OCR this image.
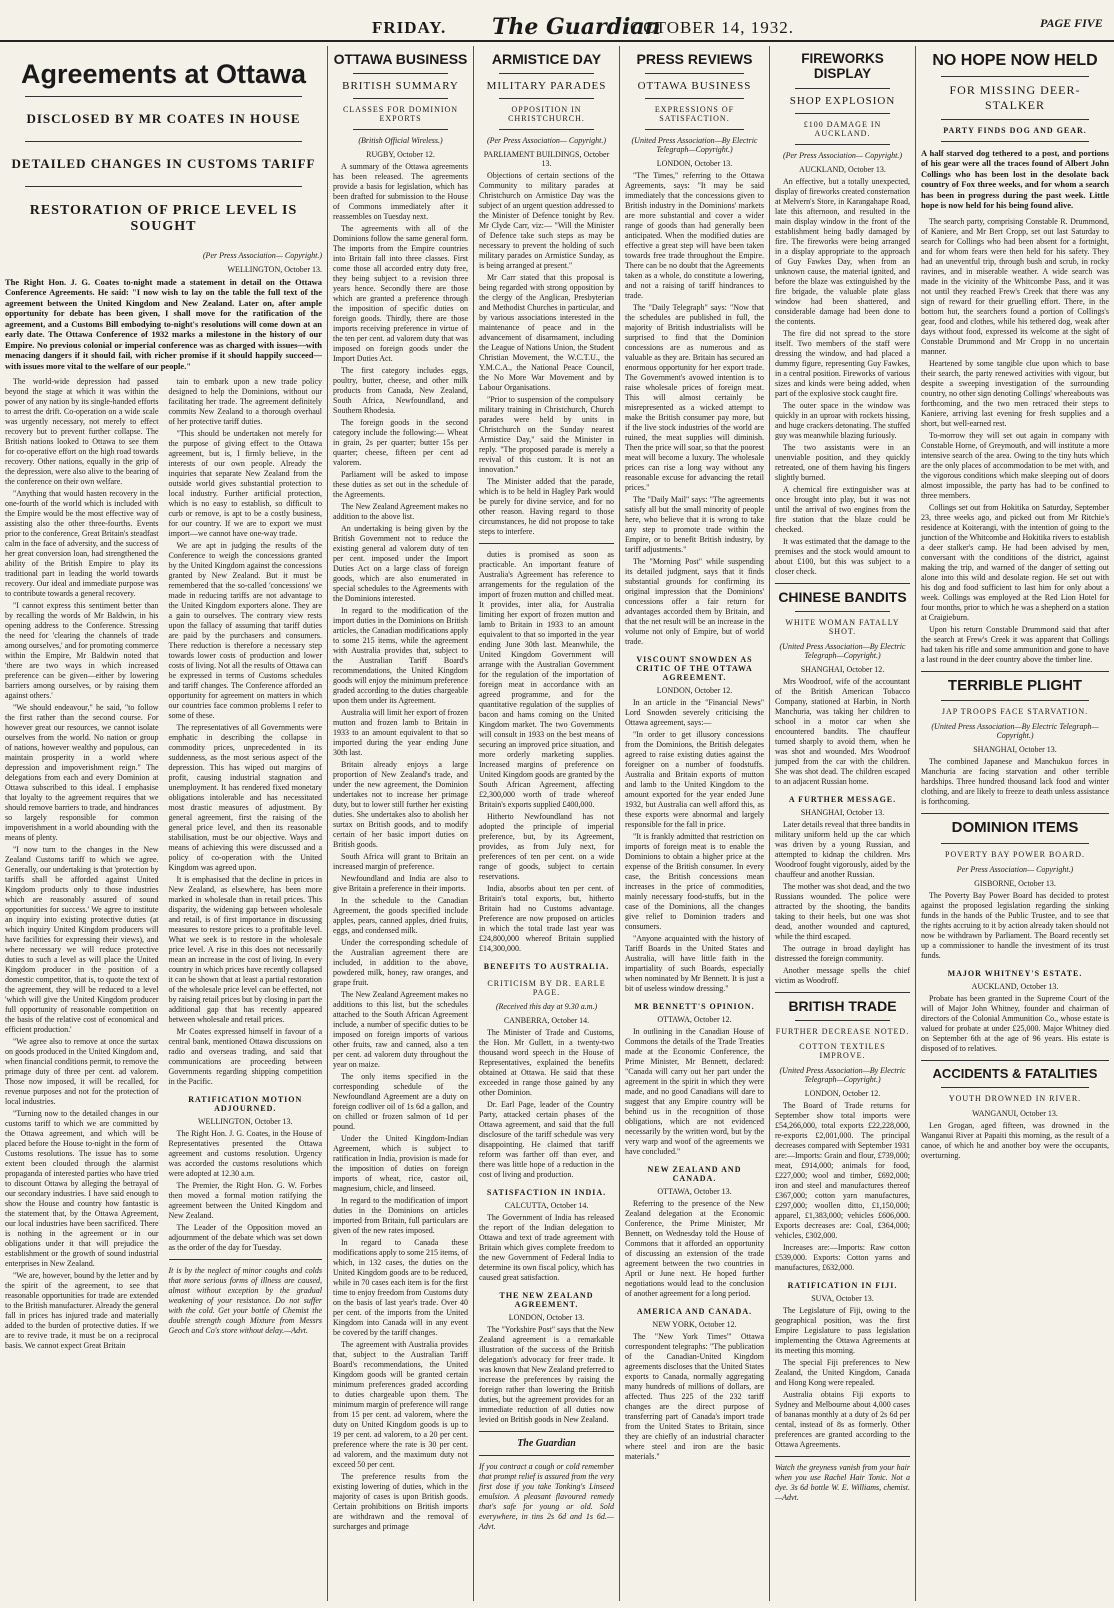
FRIDAY. The Guardian
OCTOBER 14, 1932.	PAGE FIVE
Agreements at Ottawa
DISCLOSED BY MR COATES IN HOUSE
DETAILED CHANGES IN CUSTOMS TARIFF
RESTORATION OF PRICE LEVEL IS SOUGHT
(Per Press Association— Copyright.)
WELLINGTON, October 13.
The Right Hon. J. G. Coates to-night made a statement in detail on the Ottawa Conference Agreements. He said: "I now wish to lay on the table the full text of the agreement between the United Kingdom and New Zealand. Later on, after ample opportunity for debate has been given, I shall move for the ratification of the agreement, and a Customs Bill embodying to-night's resolutions will come down at an early date. The Ottawa Conference of 1932 marks a milestone in the history of our Empire. No previous colonial or imperial conference was as charged with issues—with menacing dangers if it should fail, with richer promise if it should happily succeed—with issues more vital to the welfare of our people."

The world-wide depression had passed beyond the stage at which it was within the power of any nation by its single-handed efforts to arrest the drift. Co-operation on a wide scale was urgently necessary, not merely to effect recovery but to prevent further collapse. The British nations looked to Ottawa to see them for co-operative effort on the high road towards recovery. Other nations, equally in the grip of the depression, were also alive to the bearing of the conference on their own welfare.

"Anything that would hasten recovery in the one-fourth of the world which is included with the Empire would be the most effective way of assisting also the other three-fourths. Events prior to the conference, Great Britain's steadfast calm in the face of adversity, and the success of her great conversion loan, had strengthened the ability of the British Empire to play its traditional part in leading the world towards recovery. Our ideal and immediate purpose was to contribute towards a general recovery.

"I cannot express this sentiment better than by recalling the words of Mr Baldwin, in his opening address to the Conference. Stressing the need for 'clearing the channels of trade among ourselves,' and for promoting commerce within the Empire, Mr Baldwin noted that 'there are two ways in which increased preference can be given—either by lowering barriers among ourselves, or by raising them against others.'

"We should endeavour," he said, "to follow the first rather than the second course. For however great our resources, we cannot isolate ourselves from the world. No nation or group of nations, however wealthy and populous, can maintain prosperity in a world where depression and impoverishment reign." The delegations from each and every Dominion at Ottawa subscribed to this ideal. I emphasise that loyalty to the agreement requires that we should remove barriers to trade, and hindrances so largely responsible for common impoverishment in a world abounding with the means of plenty.

"I now turn to the changes in the New Zealand Customs tariff to which we agree. Generally, our undertaking is that 'protection by tariffs shall be afforded against United Kingdom products only to those industries which are reasonably assured of sound opportunities for success.' We agree to institute an inquiry into existing protective duties (at which inquiry United Kingdom producers will have facilities for expressing their views), and where necessary we will reduce protective duties to such a level as will place the United Kingdom producer in the position of a domestic competitor, that is, to quote the text of the agreement, they will be reduced to a level 'which will give the United Kingdom producer full opportunity of reasonable competition on the basis of the relative cost of economical and efficient production.'

"We agree also to remove at once the surtax on goods produced in the United Kingdom and, when financial conditions permit, to remove the primage duty of three per cent. ad valorem. Those now imposed, it will be recalled, for revenue purposes and not for the protection of local industries.

"Turning now to the detailed changes in our customs tariff to which we are committed by the Ottawa agreement, and which will be placed before the House to-night in the form of Customs resolutions. The issue has to some extent been clouded through the alarmist propaganda of interested parties who have tried to discount Ottawa by alleging the betrayal of our secondary industries. I have said enough to show the House and country how fantastic is the statement that, by the Ottawa Agreement, our local industries have been sacrificed. There is nothing in the agreement or in our obligations under it that will prejudice the establishment or the growth of sound industrial enterprises in New Zealand.

"We are, however, bound by the letter and by the spirit of the agreement, to see that reasonable opportunities for trade are extended to the British manufacturer. Already the general fall in prices has injured trade and materially added to the burden of protective duties. If we are to revive trade, it must be on a reciprocal basis. We cannot expect Great Britain

tain to embark upon a new trade policy designed to help the Dominions, without our facilitating her trade. The agreement definitely commits New Zealand to a thorough overhaul of her protective tariff duties.

"This should be undertaken not merely for the purpose of giving effect to the Ottawa agreement, but is, I firmly believe, in the interests of our own people. Already the inquiries that separate New Zealand from the outside world gives substantial protection to local industry. Further artificial protection, which is no easy to establish, so difficult to curb or remove, is apt to be a costly business, for our country. If we are to export we must import—we cannot have one-way trade.

We are apt in judging the results of the Conference to weigh the concessions granted by the United Kingdom against the concessions granted by New Zealand. But it must be remembered that the so-called 'concessions' we made in reducing tariffs are not advantage to the United Kingdom exporters alone. They are a gain to ourselves. The contrary view rests upon the fallacy of assuming that tariff duties are paid by the purchasers and consumers. There reduction is therefore a necessary step towards lower costs of production and lower costs of living. Not all the results of Ottawa can be expressed in terms of Customs schedules and tariff changes. The Conference afforded an opportunity for agreement on matters in which our countries face common problems I refer to some of these.

The representatives of all Governments were emphatic in describing the collapse in commodity prices, unprecedented in its suddenness, as the most serious aspect of the depression. This has wiped out margins of profit, causing industrial stagnation and unemployment. It has rendered fixed monetary obligations intolerable and has necessitated most drastic measures of adjustment. By general agreement, first the raising of the general price level, and then its reasonable stabilisation, must be our objective. Ways and means of achieving this were discussed and a policy of co-operation with the United Kingdom was agreed upon.

It is emphasised that the decline in prices in New Zealand, as elsewhere, has been more marked in wholesale than in retail prices. This disparity, the widening gap between wholesale and retail, is of first importance in discussing measures to restore prices to a profitable level. What we seek is to restore in the wholesale price level. A rise in this does not necessarily mean an increase in the cost of living. In every country in which prices have recently collapsed it can be shown that at least a partial restoration of the wholesale price level can be effected, not by raising retail prices but by closing in part the additional gap that has recently appeared between wholesale and retail prices.

Mr Coates expressed himself in favour of a central bank, mentioned Ottawa discussions on radio and overseas trading, and said that communications are proceeding between Governments regarding shipping competition in the Pacific.

RATIFICATION MOTION ADJOURNED.
WELLINGTON, October 13.

The Right Hon. J. G. Coates, in the House of Representatives presented the Ottawa agreement and customs resolution. Urgency was accorded the customs resolutions which were adopted at 12.30 a.m.

The Premier, the Right Hon. G. W. Forbes then moved a formal motion ratifying the agreement between the United Kingdom and New Zealand.

The Leader of the Opposition moved an adjournment of the debate which was set down as the order of the day for Tuesday.

It is by the neglect of minor coughs and colds that more serious forms of illness are caused, almost without exception by the gradual weakening of your resistance. Do not suffer with the cold. Get your bottle of Chemist the double strength cough Mixture from Messrs Geoch and Co's store without delay.—Advt.

OTTAWA BUSINESS
BRITISH SUMMARY
CLASSES FOR DOMINION EXPORTS
(British Official Wireless.)
RUGBY, October 12.

A summary of the Ottawa agreements has been released. The agreements provide a basis for legislation, which has been drafted for submission to the House of Commons immediately after it reassembles on Tuesday next.

The agreements with all of the Dominions follow the same general form. The imports from the Empire countries into Britain fall into three classes. First come those all accorded entry duty free, they being subject to a revision three years hence. Secondly there are those which are granted a preference through the imposition of specific duties on foreign goods. Thirdly, there are those imports receiving preference in virtue of the ten per cent. ad valorem duty that was imposed on foreign goods under the Import Duties Act.

The first category includes eggs, poultry, butter, cheese, and other milk products from Canada, New Zealand, South Africa, Newfoundland, and Southern Rhodesia.

The foreign goods in the second category include the following:— Wheat in grain, 2s per quarter; butter 15s per quarter; cheese, fifteen per cent ad valorem.

Parliament will be asked to impose these duties as set out in the schedule of the Agreements.

The New Zealand Agreement makes no addition to the above list.

An undertaking is being given by the British Government not to reduce the existing general ad valorem duty of ten per cent. imposed under the Import Duties Act on a large class of foreign goods, which are also enumerated in special schedules to the Agreements with the Dominions interested.

In regard to the modification of the import duties in the Dominions on British articles, the Canadian modifications apply to some 215 items, while the agreement with Australia provides that, subject to the Australian Tariff Board's recommendations, the United Kingdom goods will enjoy the minimum preference graded according to the duties chargeable upon them under its Agreement.

Australia will limit her export of frozen mutton and frozen lamb to Britain in 1933 to an amount equivalent to that so imported during the year ending June 30th last.

Britain already enjoys a large proportion of New Zealand's trade, and under the new agreement, the Dominion undertakes not to increase her primage duty, but to lower still further her existing duties. She undertakes also to abolish her surtax on British goods, and to modify certain of her basic import duties on British goods.

South Africa will grant to Britain an increased margin of preference.

Newfoundland and India are also to give Britain a preference in their imports.

In the schedule to the Canadian Agreement, the goods specified include apples, pears, canned apples, dried fruits, eggs, and condensed milk.

Under the corresponding schedule of the Australian agreement there are included, in addition to the above, powdered milk, honey, raw oranges, and grape fruit.

The New Zealand Agreement makes no additions to this list, but the schedules attached to the South African Agreement include, a number of specific duties to be imposed on foreign imports of various other fruits, raw and canned, also a ten per cent. ad valorem duty throughout the year on maize.

The only items specified in the corresponding schedule of the Newfoundland Agreement are a duty on foreign codliver oil of 1s 6d a gallon, and on chilled or frozen salmon of 1d per pound.

Under the United Kingdom-Indian Agreement, which is subject to ratification in India, provision is made for the imposition of duties on foreign imports of wheat, rice, castor oil, magnesium, chicle, and linseed.

In regard to the modification of import duties in the Dominions on articles imported from Britain, full particulars are given of the new rates imposed.

In regard to Canada these modifications apply to some 215 items, of which, in 132 cases, the duties on the United Kingdom goods are to be reduced, while in 70 cases each item is for the first time to enjoy freedom from Customs duty on the basis of last year's trade. Over 40 per cent. of the imports from the United Kingdom into Canada will in any event be covered by the tariff changes.

The agreement with Australia provides that, subject to the Australian Tariff Board's recommendations, the United Kingdom goods will be granted certain minimum preferences graded according to duties chargeable upon them. The minimum margin of preference will range from 15 per cent. ad valorem, where the duty on United Kingdom goods is up to 19 per cent. ad valorem, to a 20 per cent. preference where the rate is 30 per cent. ad valorem, and the maximum duty not exceed 50 per cent.

The preference results from the existing lowering of duties, which in the majority of cases is upon British goods. Certain prohibitions on British imports are withdrawn and the removal of surcharges and primage

ARMISTICE DAY
MILITARY PARADES
OPPOSITION IN CHRISTCHURCH.
(Per Press Association— Copyright.)
PARLIAMENT BUILDINGS, October 13.

Objections of certain sections of the Community to military parades at Christchurch on Armistice Day was the subject of an urgent question addressed to the Minister of Defence tonight by Rev. Mr Clyde Carr, viz:— "Will the Minister of Defence take such steps as may be necessary to prevent the holding of such military parades on Armistice Sunday, as is being arranged at present."

Mr Carr stated that this proposal is being regarded with strong opposition by the clergy of the Anglican, Presbyterian and Methodist Churches in particular, and by various associations interested in the maintenance of peace and in the advancement of disarmament, including the League of Nations Union, the Student Christian Movement, the W.C.T.U., the Y.M.C.A., the National Peace Council, the No More War Movement and by Labour Organisations.

"Prior to suspension of the compulsory military training in Christchurch, Church parades were held by units in Christchurch on the Sunday nearest Armistice Day," said the Minister in reply. "The proposed parade is merely a revival of this custom. It is not an innovation."

The Minister added that the parade, which is to be held in Hagley Park would be purely for divine service, and for no other reason. Having regard to those circumstances, he did not propose to take steps to interfere.

duties is promised as soon as practicable. An important feature of Australia's Agreement has reference to arrangements for the regulation of the import of frozen mutton and chilled meat. It provides, inter alia, for Australia limiting her export of frozen mutton and lamb to Britain in 1933 to an amount equivalent to that so imported in the year ending June 30th last. Meanwhile, the United Kingdom Government will arrange with the Australian Government for the regulation of the importation of foreign meat in accordance with an agreed programme, and for the quantitative regulation of the supplies of bacon and hams coming on the United Kingdom market. The two Governments will consult in 1933 on the best means of securing an improved price situation, and more orderly marketing supplies. Increased margins of preference on United Kingdom goods are granted by the South African Agreement, affecting £2,300,000 worth of trade whereof Britain's exports supplied £400,000.

Hitherto Newfoundland has not adopted the principle of imperial preference, but, by its Agreement, provides, as from July next, for preferences of ten per cent. on a wide range of goods, subject to certain reservations.

India, absorbs about ten per cent. of Britain's total exports, but, hitherto Britain had no Customs advantage. Preference are now proposed on articles in which the total trade last year was £24,800,000 whereof Britain supplied £14,300,000.

BENEFITS TO AUSTRALIA.
CRITICISM BY DR. EARLE PAGE.
(Received this day at 9.30 a.m.)
CANBERRA, October 14.

The Minister of Trade and Customs, the Hon. Mr Gullett, in a twenty-two thousand word speech in the House of Representatives, explained the benefits obtained at Ottawa. He said that these exceeded in range those gained by any other Dominion.

Dr. Earl Page, leader of the Country Party, attacked certain phases of the Ottawa agreement, and said that the full disclosure of the tariff schedule was very disappointing. He claimed that tariff reform was farther off than ever, and there was little hope of a reduction in the cost of living and production.

SATISFACTION IN INDIA.
CALCUTTA, October 14.

The Government of India has released the report of the Indian delegation to Ottawa and text of trade agreement with Britain which gives complete freedom to the new Government of Federal India to determine its own fiscal policy, which has caused great satisfaction.

THE NEW ZEALAND AGREEMENT.
LONDON, October 13.

The "Yorkshire Post" says that the New Zealand agreement is a remarkable illustration of the success of the British delegation's advocacy for freer trade. It was known that New Zealand preferred to increase the preferences by raising the foreign rather than lowering the British duties, but the agreement provides for an immediate reduction of all duties now levied on British goods in New Zealand.

The Guardian

If you contract a cough or cold remember that prompt relief is assured from the very first dose if you take Tonking's Linseed emulsion. A pleasant flavoured remedy that's safe for young or old. Sold everywhere, in tins 2s 6d and 1s 6d.—Advt.

PRESS REVIEWS
OTTAWA BUSINESS
EXPRESSIONS OF SATISFACTION.
(United Press Association—By Electric Telegraph—Copyright.)
LONDON, October 13.

"The Times," referring to the Ottawa Agreements, says: "It may be said immediately that the concessions given to British industry in the Dominions' markets are more substantial and cover a wider range of goods than had generally been anticipated. When the modified duties are effective a great step will have been taken towards free trade throughout the Empire. There can be no doubt that the Agreements taken as a whole, do constitute a lowering, and not a raising of tariff hindrances to trade.

The "Daily Telegraph" says: "Now that the schedules are published in full, the majority of British industrialists will be surprised to find that the Dominion concessions are as numerous and as valuable as they are. Britain has secured an enormous opportunity for her export trade. The Government's avowed intention is to raise wholesale prices of foreign meat. This will almost certainly be misrepresented as a wicked attempt to make the British consumer pay more, but if the live stock industries of the world are ruined, the meat supplies will diminish. Then the price will soar, so that the poorest meat will become a luxury. The wholesale prices can rise a long way without any reasonable excuse for advancing the retail prices."

The "Daily Mail" says: "The agreements satisfy all but the small minority of people here, who believe that it is wrong to take any step to promote trade within the Empire, or to benefit British industry, by tariff adjustments."

The "Morning Post" while suspending its detailed judgment, says that it finds substantial grounds for confirming its original impression that the Dominions' concessions offer a fair return for advantages accorded them by Britain, and that the net result will be an increase in the volume not only of Empire, but of world trade.

VISCOUNT SNOWDEN AS CRITIC OF THE OTTAWA AGREEMENT.
LONDON, October 12.

In an article in the "Financial News" Lord Snowden severely criticising the Ottawa agreement, says:—

"In order to get illusory concessions from the Dominions, the British delegates agreed to raise existing duties against the foreigner on a number of foodstuffs. Australia and Britain exports of mutton and lamb to the United Kingdom to the amount exported for the year ended June 1932, but Australia can well afford this, as these exports were abnormal and largely responsible for the fall in price.

"It is frankly admitted that restriction on imports of foreign meat is to enable the Dominions to obtain a higher price at the expense of the British consumer. In every case, the British concessions mean increases in the price of commodities, mainly necessary food-stuffs, but in the case of the Dominions, all the changes give relief to Dominion traders and consumers.

"Anyone acquainted with the history of Tariff Boards in the United States and Australia, will have little faith in the impartiality of such Boards, especially when nominated by Mr Bennett. It is just a bit of useless window dressing."

MR BENNETT'S OPINION.
OTTAWA, October 12.

In outlining in the Canadian House of Commons the details of the Trade Treaties made at the Economic Conference, the Prime Minister, Mr Bennett, declared: "Canada will carry out her part under the agreement in the spirit in which they were made, and no good Canadians will dare to suggest that any Empire country will be behind us in the recognition of those obligations, which are not evidenced necessarily by the written word, but by the very warp and woof of the agreements we have concluded."

NEW ZEALAND AND CANADA.
OTTAWA, October 13.

Referring to the presence of the New Zealand delegation at the Economic Conference, the Prime Minister, Mr Bennett, on Wednesday told the House of Commons that it afforded an opportunity of discussing an extension of the trade agreement between the two countries in April or June next. He hoped further negotiations would lead to the conclusion of another agreement for a long period.

AMERICA AND CANADA.
NEW YORK, October 12.

The "New York Times'" Ottawa correspondent telegraphs: "The publication of the Canadian-United Kingdom agreements discloses that the United States exports to Canada, normally aggregating many hundreds of millions of dollars, are affected. Thus 225 of the 232 tariff changes are the direct purpose of transferring part of Canada's import trade from the United States to Britain, since they are chiefly of an industrial character where steel and iron are the basic materials."

FIREWORKS DISPLAY
SHOP EXPLOSION
£100 DAMAGE IN AUCKLAND.
(Per Press Association— Copyright.)
AUCKLAND, October 13.

An effective, but a totally unexpected, display of fireworks created consternation at Melvern's Store, in Karangahape Road, late this afternoon, and resulted in the main display window in the front of the establishment being badly damaged by fire. The fireworks were being arranged in a display appropriate to the approach of Guy Fawkes Day, when from an unknown cause, the material ignited, and before the blaze was extinguished by the fire brigade, the valuable plate glass window had been shattered, and considerable damage had been done to the contents.

The fire did not spread to the store itself. Two members of the staff were dressing the window, and had placed a dummy figure, representing Guy Fawkes, in a central position. Fireworks of various sizes and kinds were being added, when part of the explosive stock caught fire.

The outer space in the window was quickly in an uproar with rockets hissing, and huge crackers detonating. The stuffed guy was meanwhile blazing furiously.

The two assistants were in an unenviable position, and they quickly retreated, one of them having his fingers slightly burned.

A chemical fire extinguisher was at once brought into play, but it was not until the arrival of two engines from the fire station that the blaze could be checked.

It was estimated that the damage to the premises and the stock would amount to about £100, but this was subject to a closer check.

CHINESE BANDITS
WHITE WOMAN FATALLY SHOT.
(United Press Association—By Electric Telegraph—Copyright.)
SHANGHAI, October 12.

Mrs Woodroof, wife of the accountant of the British American Tobacco Company, stationed at Harbin, in North Manchuria, was taking her children to school in a motor car when she encountered bandits. The chauffeur turned sharply to avoid them, when he was shot and wounded. Mrs Woodroof jumped from the car with the children. She was shot dead. The children escaped to an adjacent Russian home.

A FURTHER MESSAGE.
SHANGHAI, October 13.

Later details reveal that three bandits in military uniform held up the car which was driven by a young Russian, and attempted to kidnap the children. Mrs Woodroof fought vigorously, aided by the chauffeur and another Russian.

The mother was shot dead, and the two Russians wounded. The police were attracted by the shooting, the bandits taking to their heels, but one was shot dead, another wounded and captured, while the third escaped.

The outrage in broad daylight has distressed the foreign community.

Another message spells the chief victim as Woodroff.

BRITISH TRADE
FURTHER DECREASE NOTED.
COTTON TEXTILES IMPROVE.
(United Press Association—By Electric Telegraph—Copyright.)
LONDON, October 12.

The Board of Trade returns for September show total imports were £54,266,000, total exports £22,228,000, re-exports £2,001,000. The principal decreases compared with September 1931 are:—Imports: Grain and flour, £739,000; meat, £914,000; animals for food, £227,000; wool and timber, £692,000; iron and steel and manufactures thereof £367,000; cotton yarn manufactures, £297,000; woollen ditto, £1,150,000; apparel, £1,383,000; vehicles £606,000. Exports decreases are: Coal, £364,000; vehicles, £302,000.

Increases are:—Imports: Raw cotton £539,000. Exports: Cotton yarns and manufactures, £632,000.

RATIFICATION IN FIJI.
SUVA, October 13.

The Legislature of Fiji, owing to the geographical position, was the first Empire Legislature to pass legislation implementing the Ottawa Agreements at its meeting this morning.

The special Fiji preferences to New Zealand, the United Kingdom, Canada and Hong Kong were repealed.

Australia obtains Fiji exports to Sydney and Melbourne about 4,000 cases of bananas monthly at a duty of 2s 6d per cental, instead of 8s as formerly. Other preferences are granted according to the Ottawa Agreements.

Watch the greyness vanish from your hair when you use Rachel Hair Tonic. Not a dye. 3s 6d bottle W. E. Williams, chemist.—Advt.

NO HOPE NOW HELD
FOR MISSING DEER-STALKER
PARTY FINDS DOG AND GEAR.
A half starved dog tethered to a post, and portions of his gear were all the traces found of Albert John Collings who has been lost in the desolate back country of Fox three weeks, and for whom a search has been in progress during the past week. Little hope is now held for his being found alive.

The search party, comprising Constable R. Drummond, of Kaniere, and Mr Bert Cropp, set out last Saturday to search for Collings who had been absent for a fortnight, and for whom fears were then held for his safety. They had an uneventful trip, through bush and scrub, in rocky ravines, and in miserable weather. A wide search was made in the vicinity of the Whitcombe Pass, and it was not until they reached Frew's Creek that there was any sign of reward for their gruelling effort. There, in the bottom hut, the searchers found a portion of Collings's gear, food and clothes, while his tethered dog, weak after days without food, expressed its welcome at the sight of Constable Drummond and Mr Cropp in no uncertain manner.

Heartened by some tangible clue upon which to base their search, the party renewed activities with vigour, but despite a sweeping investigation of the surrounding country, no other sign denoting Collings' whereabouts was forthcoming, and the two men retraced their steps to Kaniere, arriving last evening for fresh supplies and a short, but well-earned rest.

To-morrow they will set out again in company with Constable Horne, of Greymouth, and will institute a more intensive search of the area. Owing to the tiny huts which are the only places of accommodation to be met with, and the vigorous conditions which make sleeping out of doors almost impossible, the party has had to be confined to three members.

Collings set out from Hokitika on Saturday, September 23, three weeks ago, and picked out from Mr Ritchie's residence at Koiterangi, with the intention of going to the junction of the Whitcombe and Hokitika rivers to establish a deer stalker's camp. He had been advised by men, conversant with the conditions of the district, against making the trip, and warned of the danger of setting out alone into this wild and desolate region. He set out with his dog and food sufficient to last him for only about a week. Collings was employed at the Red Lion Hotel for four months, prior to which he was a shepherd on a station at Craigieburn.

Upon his return Constable Drummond said that after the search at Frew's Creek it was apparent that Collings had taken his rifle and some ammunition and gone to have a last round in the deer country above the timber line.

TERRIBLE PLIGHT
JAP TROOPS FACE STARVATION.
(United Press Association—By Electric Telegraph—Copyright.)
SHANGHAI, October 13.

The combined Japanese and Manchukuo forces in Manchuria are facing starvation and other terrible hardships. Three hundred thousand lack food and winter clothing, and are likely to freeze to death unless assistance is forthcoming.

DOMINION ITEMS
POVERTY BAY POWER BOARD.
Per Press Association— Copyright.)
GISBORNE, October 13.

The Poverty Bay Power Board has decided to protest against the proposed legislation regarding the sinking funds in the hands of the Public Trustee, and to see that the rights accruing to it by action already taken should not now be withdrawn by Parliament. The Board recently set up a commissioner to handle the investment of its trust funds.

MAJOR WHITNEY'S ESTATE.
AUCKLAND, October 13.

Probate has been granted in the Supreme Court of the will of Major John Whitney, founder and chairman of directors of the Colonial Ammunition Co., whose estate is valued for probate at under £25,000. Major Whitney died on September 6th at the age of 96 years. His estate is disposed of to relatives.

ACCIDENTS & FATALITIES
YOUTH DROWNED IN RIVER.
WANGANUI, October 13.

Len Grogan, aged fifteen, was drowned in the Wanganui River at Papaiti this morning, as the result of a canoe, of which he and another boy were the occupants, overturning.
